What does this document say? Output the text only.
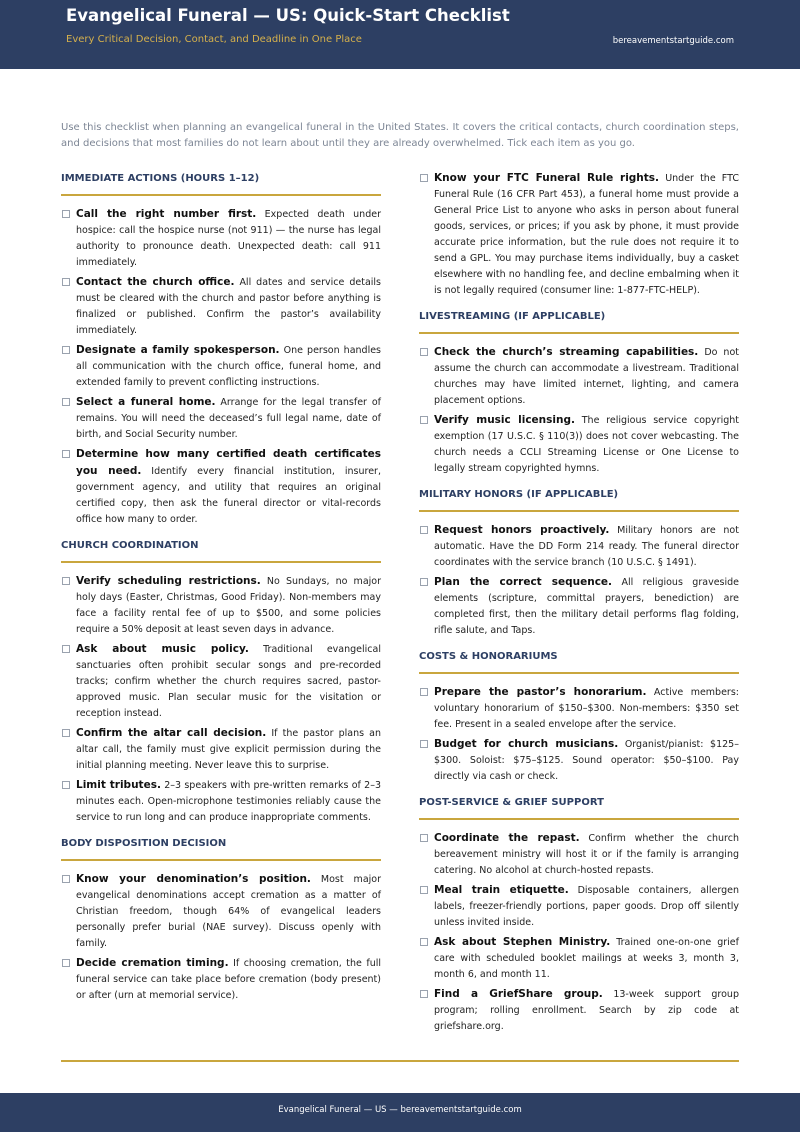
Evangelical Funeral — US: Quick-Start Checklist
Every Critical Decision, Contact, and Deadline in One Place	bereavementstartguide.com

Use this checklist when planning an evangelical funeral in the United States. It covers the critical contacts, church coordination steps, and decisions that most families do not learn about until they are already overwhelmed. Tick each item as you go.

IMMEDIATE ACTIONS (HOURS 1–12)
Call the right number first. Expected death under hospice: call the hospice nurse (not 911) — the nurse has legal authority to pronounce death. Unexpected death: call 911 immediately.
Contact the church office. All dates and service details must be cleared with the church and pastor before anything is finalized or published. Confirm the pastor’s availability immediately.
Designate a family spokesperson. One person handles all communication with the church office, funeral home, and extended family to prevent conflicting instructions.
Select a funeral home. Arrange for the legal transfer of remains. You will need the deceased’s full legal name, date of birth, and Social Security number.
Determine how many certified death certificates you need. Identify every financial institution, insurer, government agency, and utility that requires an original certified copy, then ask the funeral director or vital-records office how many to order.
CHURCH COORDINATION
Verify scheduling restrictions. No Sundays, no major holy days (Easter, Christmas, Good Friday). Non-members may face a facility rental fee of up to $500, and some policies require a 50% deposit at least seven days in advance.
Ask about music policy. Traditional evangelical sanctuaries often prohibit secular songs and pre-recorded tracks; confirm whether the church requires sacred, pastor-approved music. Plan secular music for the visitation or reception instead.
Confirm the altar call decision. If the pastor plans an altar call, the family must give explicit permission during the initial planning meeting. Never leave this to surprise.
Limit tributes. 2–3 speakers with pre-written remarks of 2–3 minutes each. Open-microphone testimonies reliably cause the service to run long and can produce inappropriate comments.
BODY DISPOSITION DECISION
Know your denomination’s position. Most major evangelical denominations accept cremation as a matter of Christian freedom, though 64% of evangelical leaders personally prefer burial (NAE survey). Discuss openly with family.
Decide cremation timing. If choosing cremation, the full funeral service can take place before cremation (body present) or after (urn at memorial service).
Know your FTC Funeral Rule rights. Under the FTC Funeral Rule (16 CFR Part 453), a funeral home must provide a General Price List to anyone who asks in person about funeral goods, services, or prices; if you ask by phone, it must provide accurate price information, but the rule does not require it to send a GPL. You may purchase items individually, buy a casket elsewhere with no handling fee, and decline embalming when it is not legally required (consumer line: 1-877-FTC-HELP).
LIVESTREAMING (IF APPLICABLE)
Check the church’s streaming capabilities. Do not assume the church can accommodate a livestream. Traditional churches may have limited internet, lighting, and camera placement options.
Verify music licensing. The religious service copyright exemption (17 U.S.C. § 110(3)) does not cover webcasting. The church needs a CCLI Streaming License or One License to legally stream copyrighted hymns.
MILITARY HONORS (IF APPLICABLE)
Request honors proactively. Military honors are not automatic. Have the DD Form 214 ready. The funeral director coordinates with the service branch (10 U.S.C. § 1491).
Plan the correct sequence. All religious graveside elements (scripture, committal prayers, benediction) are completed first, then the military detail performs flag folding, rifle salute, and Taps.
COSTS & HONORARIUMS
Prepare the pastor’s honorarium. Active members: voluntary honorarium of $150–$300. Non-members: $350 set fee. Present in a sealed envelope after the service.
Budget for church musicians. Organist/pianist: $125–$300. Soloist: $75–$125. Sound operator: $50–$100. Pay directly via cash or check.
POST-SERVICE & GRIEF SUPPORT
Coordinate the repast. Confirm whether the church bereavement ministry will host it or if the family is arranging catering. No alcohol at church-hosted repasts.
Meal train etiquette. Disposable containers, allergen labels, freezer-friendly portions, paper goods. Drop off silently unless invited inside.
Ask about Stephen Ministry. Trained one-on-one grief care with scheduled booklet mailings at weeks 3, month 3, month 6, and month 11.
Find a GriefShare group. 13-week support group program; rolling enrollment. Search by zip code at griefshare.org.
Evangelical Funeral — US — bereavementstartguide.com
